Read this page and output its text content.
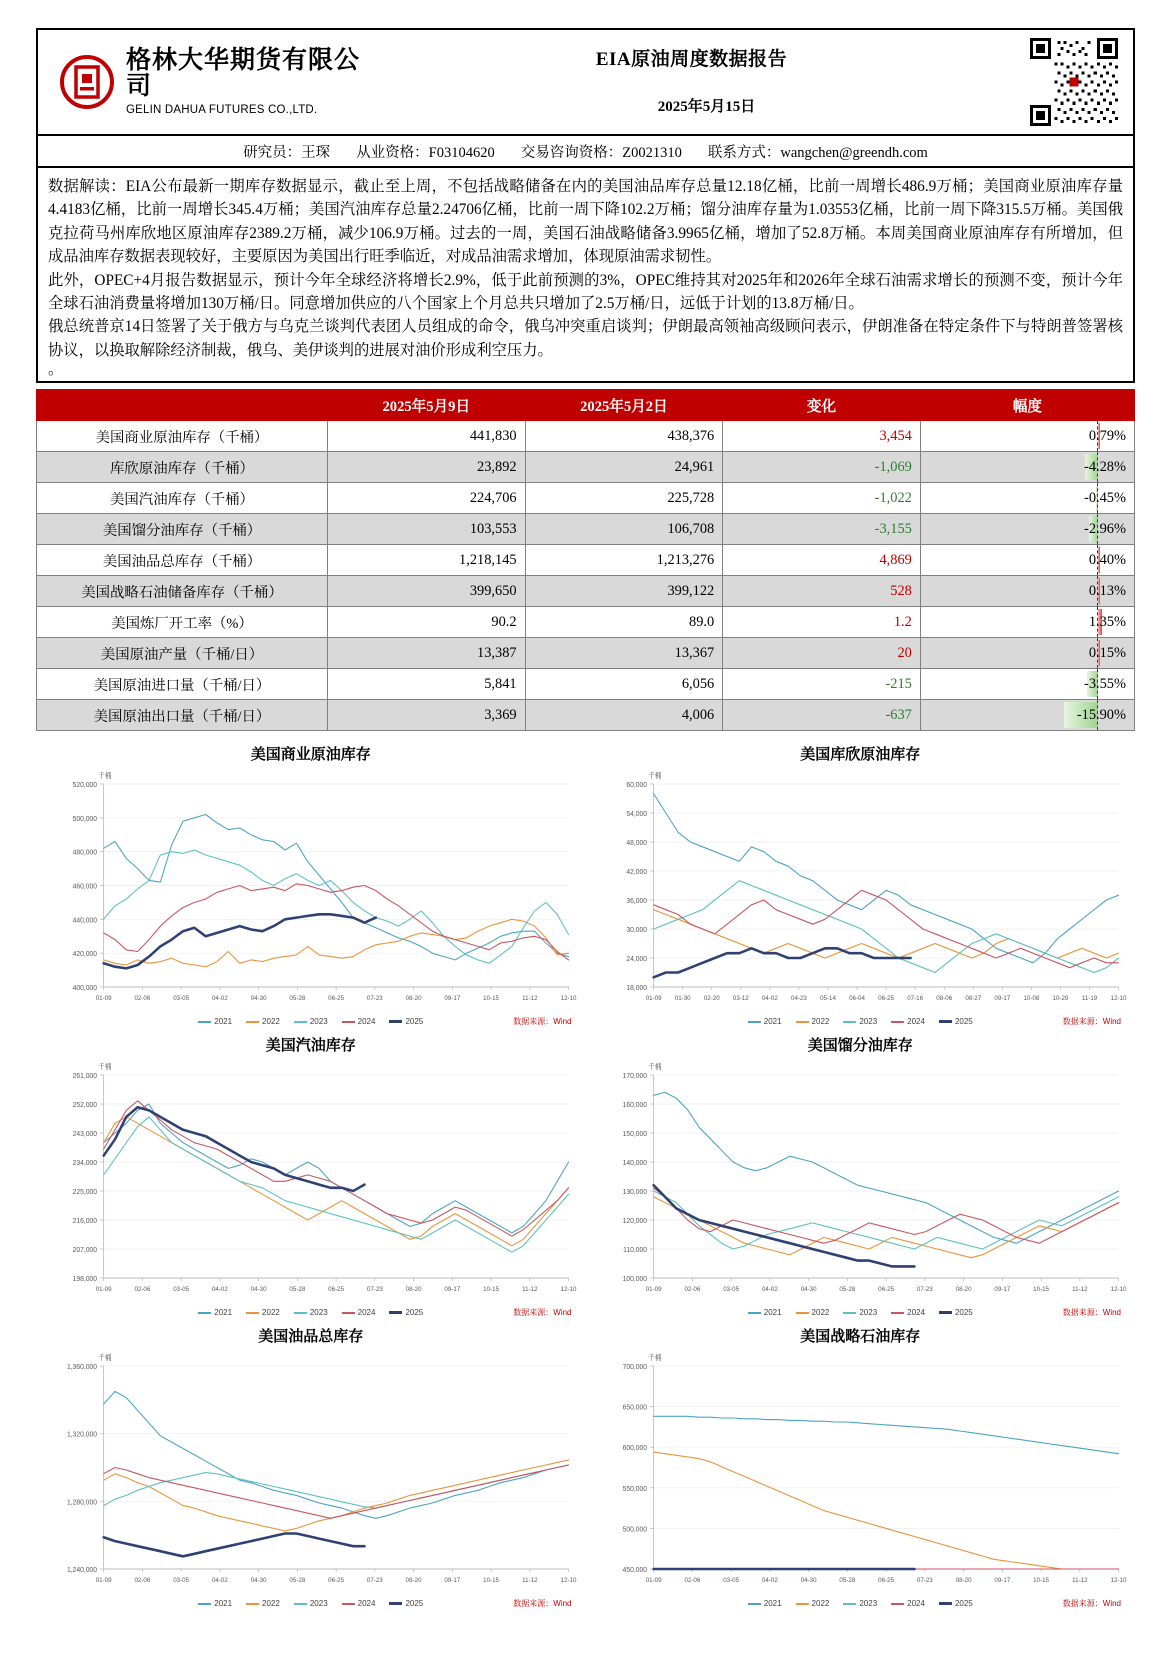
格林大华期货有限公司
GELIN DAHUA FUTURES CO.,LTD.
EIA原油周度数据报告
2025年5月15日
研究员：王琛 从业资格：F03104620 交易咨询资格：Z0021310 联系方式：wangchen@greendh.com

数据解读：EIA公布最新一期库存数据显示，截止至上周，不包括战略储备在内的美国油品库存总量12.18亿桶，比前一周增长486.9万桶；美国商业原油库存量4.4183亿桶，比前一周增长345.4万桶；美国汽油库存总量2.24706亿桶，比前一周下降102.2万桶；馏分油库存量为1.03553亿桶，比前一周下降315.5万桶。美国俄克拉荷马州库欣地区原油库存2389.2万桶，减少106.9万桶。过去的一周，美国石油战略储备3.9965亿桶，增加了52.8万桶。本周美国商业原油库存有所增加，但成品油库存数据表现较好，主要原因为美国出行旺季临近，对成品油需求增加，体现原油需求韧性。

此外，OPEC+4月报告数据显示，预计今年全球经济将增长2.9%，低于此前预测的3%，OPEC维持其对2025年和2026年全球石油需求增长的预测不变，预计今年全球石油消费量将增加130万桶/日。同意增加供应的八个国家上个月总共只增加了2.5万桶/日，远低于计划的13.8万桶/日。

俄总统普京14日签署了关于俄方与乌克兰谈判代表团人员组成的命令，俄乌冲突重启谈判；伊朗最高领袖高级顾问表示，伊朗准备在特定条件下与特朗普签署核协议，以换取解除经济制裁，俄乌、美伊谈判的进展对油价形成利空压力。

。
	2025年5月9日	2025年5月2日	变化	幅度
美国商业原油库存（千桶）	441,830	438,376	3,454	0.79%
库欣原油库存（千桶）	23,892	24,961	-1,069	-4.28%
美国汽油库存（千桶）	224,706	225,728	-1,022	-0.45%
美国馏分油库存（千桶）	103,553	106,708	-3,155	-2.96%
美国油品总库存（千桶）	1,218,145	1,213,276	4,869	0.40%
美国战略石油储备库存（千桶）	399,650	399,122	528	0.13%
美国炼厂开工率（%）	90.2	89.0	1.2	1.35%
美国原油产量（千桶/日）	13,387	13,367	20	0.15%
美国原油进口量（千桶/日）	5,841	6,056	-215	-3.55%
美国原油出口量（千桶/日）	3,369	4,006	-637	-15.90%
美国商业原油库存
千桶
400,000
420,000
440,000
460,000
480,000
500,000
520,000
01-09	02-06	03-05	04-02	04-30	05-28	06-25	07-23	08-20	09-17	10-15	11-12	12-10
2021	2022	2023	2024	2025	数据来源：Wind
美国库欣原油库存
千桶
18,000
24,000
30,000
36,000
42,000
48,000
54,000
60,000
01-09 01-30 02-20 03-12 04-02 04-23 05-14 06-04 06-25 07-16 08-06 08-27 09-17 10-08 10-29 11-19 12-10
2021	2022	2023	2024	2025	数据来源：Wind
美国汽油库存
千桶
198,000
207,000
216,000
225,000
234,000
243,000
252,000
261,000
01-09	02-06	03-05	04-02	04-30	05-28	06-25	07-23	08-20	09-17	10-15	11-12	12-10
2021	2022	2023	2024	2025	数据来源：Wind
美国馏分油库存
千桶
100,000
110,000
120,000
130,000
140,000
150,000
160,000
170,000
01-09	02-06	03-05	04-02	04-30	05-28	06-25	07-23	08-20	09-17	10-15	11-12	12-10
2021	2022	2023	2024	2025	数据来源：Wind
美国油品总库存
千桶
1,240,000
1,280,000
1,320,000
1,360,000
01-09	02-06	03-05	04-02	04-30	05-28	06-25	07-23	08-20	09-17	10-15	11-12	12-10
2021	2022	2023	2024	2025	数据来源：Wind
美国战略石油库存
千桶
450,000
500,000
550,000
600,000
650,000
700,000
01-09	02-06	03-05	04-02	04-30	05-28	06-25	07-23	08-20	09-17	10-15	11-12	12-10
2021	2022	2023	2024	2025	数据来源：Wind
